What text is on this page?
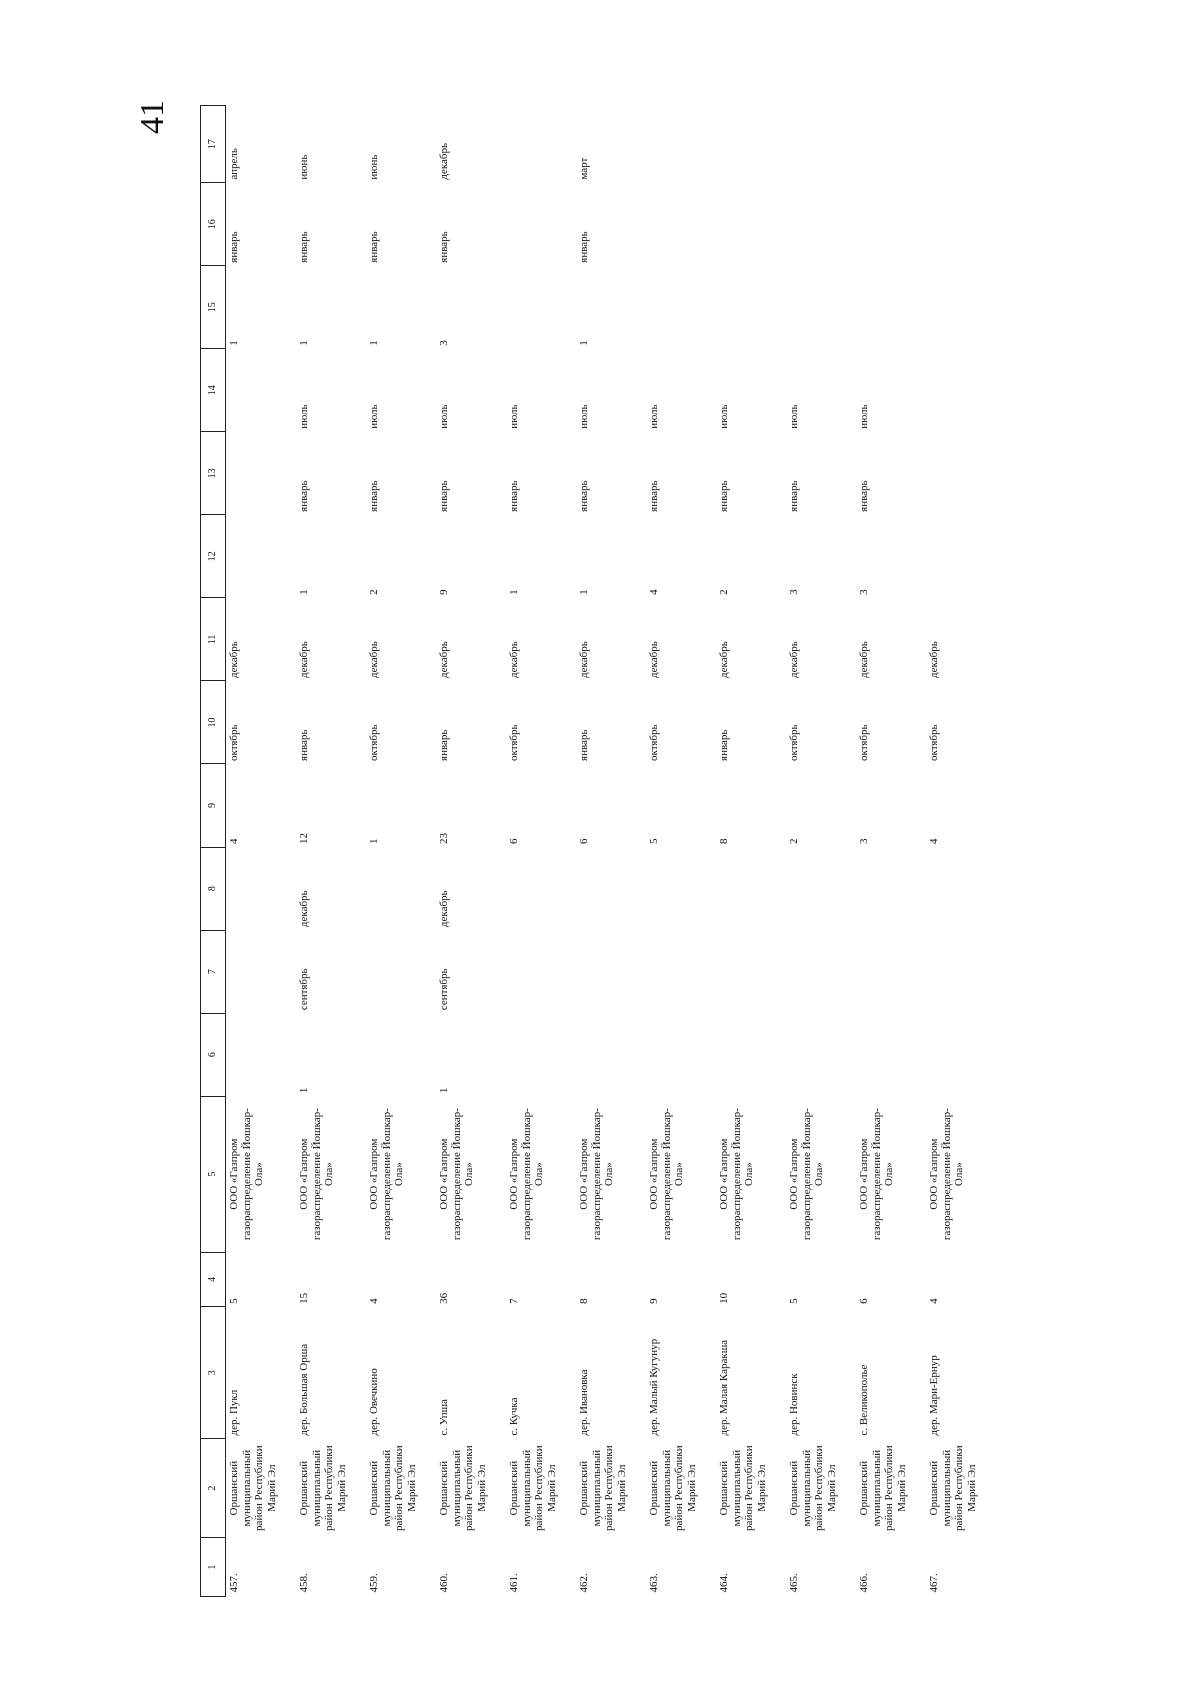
41
1	2	3	4	5	6	7	8	9	10	11	12	13	14	15	16	17
457.	Оршанский муниципальный район Республики Марий Эл	дер. Пукл	5	ООО «Газпром газораспределение Йошкар-Ола»				4	октябрь	декабрь				1	январь	апрель
458.	Оршанский муниципальный район Республики Марий Эл	дер. Большая Орша	15	ООО «Газпром газораспределение Йошкар-Ола»	1	сентябрь	декабрь	12	январь	декабрь	1	январь	июль	1	январь	июнь
459.	Оршанский муниципальный район Республики Марий Эл	дер. Овечкино	4	ООО «Газпром газораспределение Йошкар-Ола»				1	октябрь	декабрь	2	январь	июль	1	январь	июнь
460.	Оршанский муниципальный район Республики Марий Эл	с. Упша	36	ООО «Газпром газораспределение Йошкар-Ола»	1	сентябрь	декабрь	23	январь	декабрь	9	январь	июль	3	январь	декабрь
461.	Оршанский муниципальный район Республики Марий Эл	с. Кучка	7	ООО «Газпром газораспределение Йошкар-Ола»				6	октябрь	декабрь	1	январь	июль			
462.	Оршанский муниципальный район Республики Марий Эл	дер. Ивановка	8	ООО «Газпром газораспределение Йошкар-Ола»				6	январь	декабрь	1	январь	июль	1	январь	март
463.	Оршанский муниципальный район Республики Марий Эл	дер. Малый Кугунур	9	ООО «Газпром газораспределение Йошкар-Ола»				5	октябрь	декабрь	4	январь	июль			
464.	Оршанский муниципальный район Республики Марий Эл	дер. Малая Каракша	10	ООО «Газпром газораспределение Йошкар-Ола»				8	январь	декабрь	2	январь	июль			
465.	Оршанский муниципальный район Республики Марий Эл	дер. Новинск	5	ООО «Газпром газораспределение Йошкар-Ола»				2	октябрь	декабрь	3	январь	июль			
466.	Оршанский муниципальный район Республики Марий Эл	с. Великополье	6	ООО «Газпром газораспределение Йошкар-Ола»				3	октябрь	декабрь	3	январь	июль			
467.	Оршанский муниципальный район Республики Марий Эл	дер. Мари-Ернур	4	ООО «Газпром газораспределение Йошкар-Ола»				4	октябрь	декабрь						
